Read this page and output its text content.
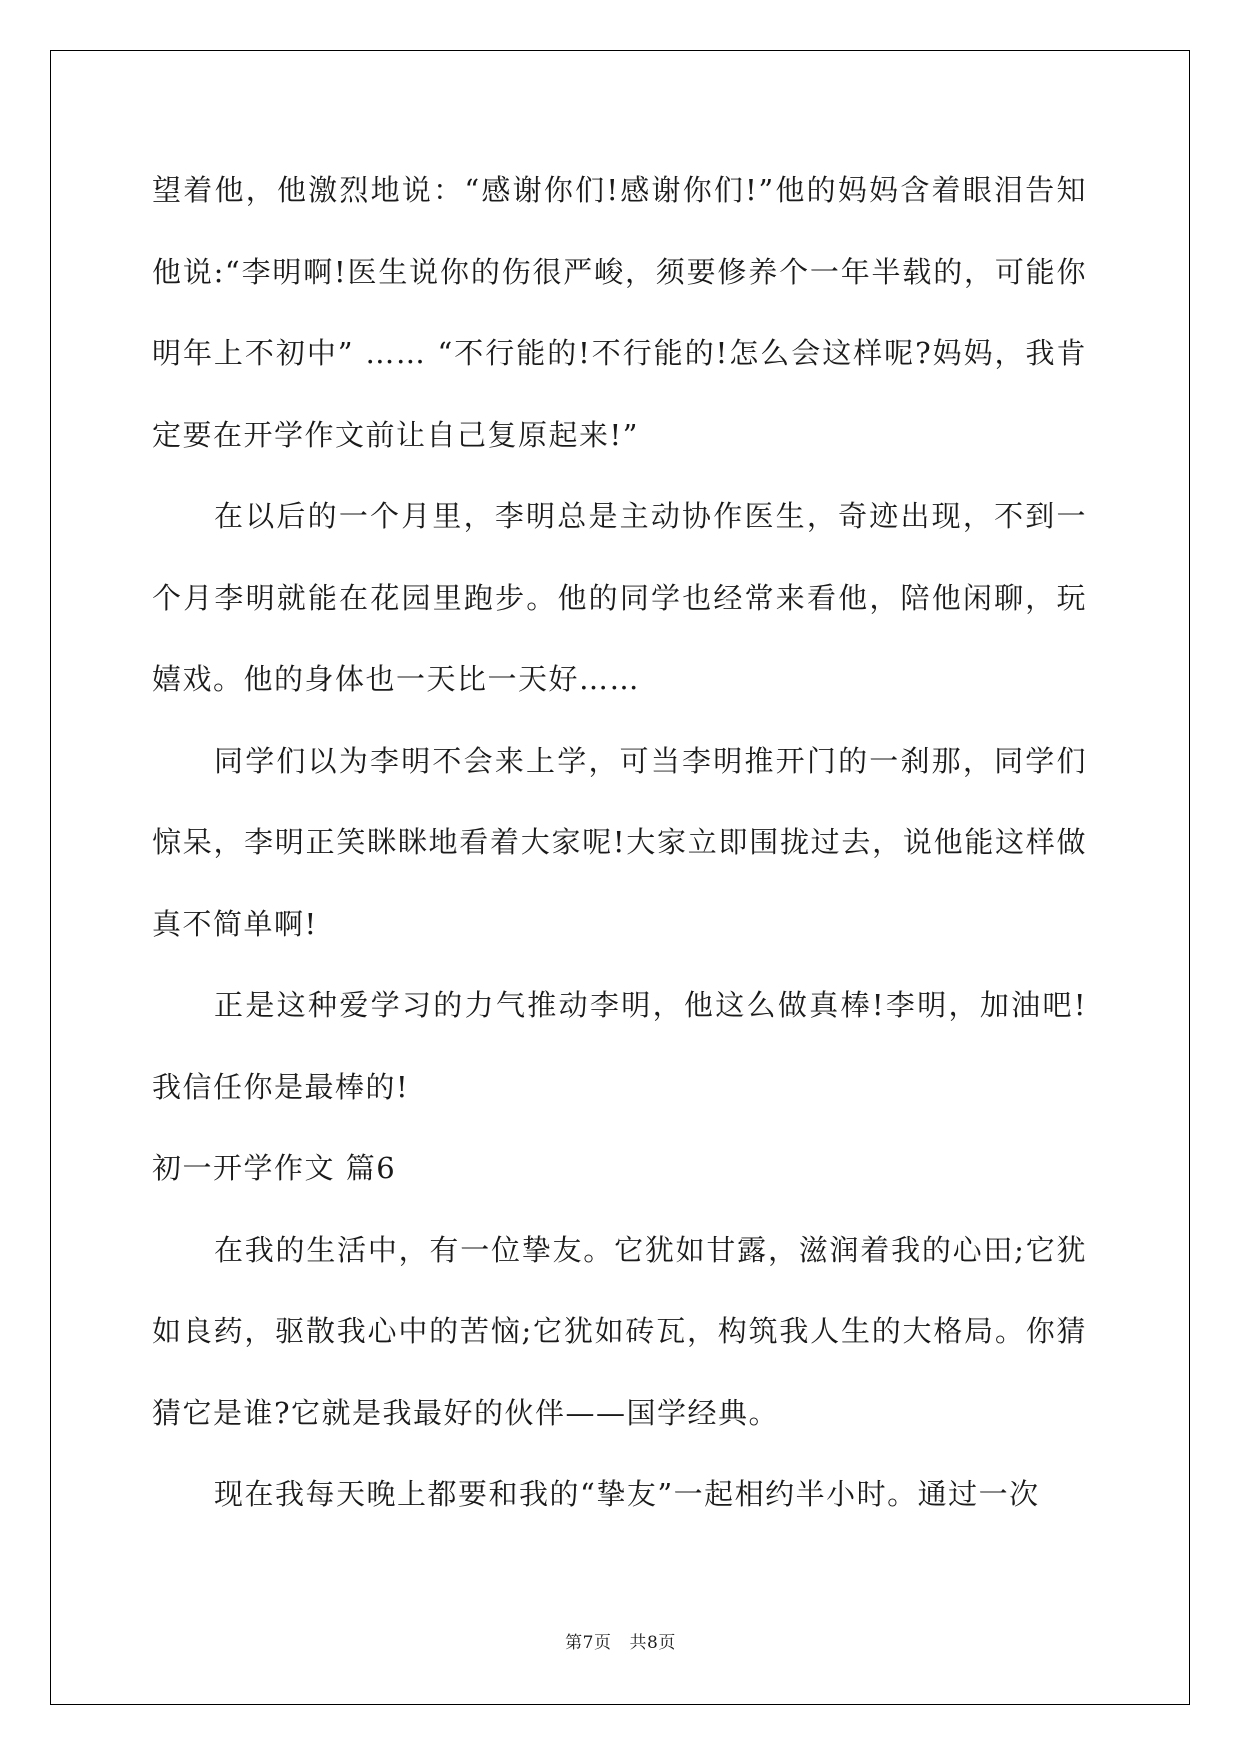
望着他，他激烈地说：“感谢你们!感谢你们!”他的妈妈含着眼泪告知他说:“李明啊!医生说你的伤很严峻，须要修养个一年半载的，可能你明年上不初中” …… “不行能的!不行能的!怎么会这样呢?妈妈，我肯定要在开学作文前让自己复原起来!”

在以后的一个月里，李明总是主动协作医生，奇迹出现，不到一个月李明就能在花园里跑步。他的同学也经常来看他，陪他闲聊，玩嬉戏。他的身体也一天比一天好……

同学们以为李明不会来上学，可当李明推开门的一刹那，同学们惊呆，李明正笑眯眯地看着大家呢!大家立即围拢过去，说他能这样做真不简单啊!

正是这种爱学习的力气推动李明，他这么做真棒!李明，加油吧!我信任你是最棒的!

初一开学作文 篇6

在我的生活中，有一位挚友。它犹如甘露，滋润着我的心田;它犹如良药，驱散我心中的苦恼;它犹如砖瓦，构筑我人生的大格局。你猜猜它是谁?它就是我最好的伙伴——国学经典。

现在我每天晚上都要和我的“挚友”一起相约半小时。通过一次

第7页 共8页
